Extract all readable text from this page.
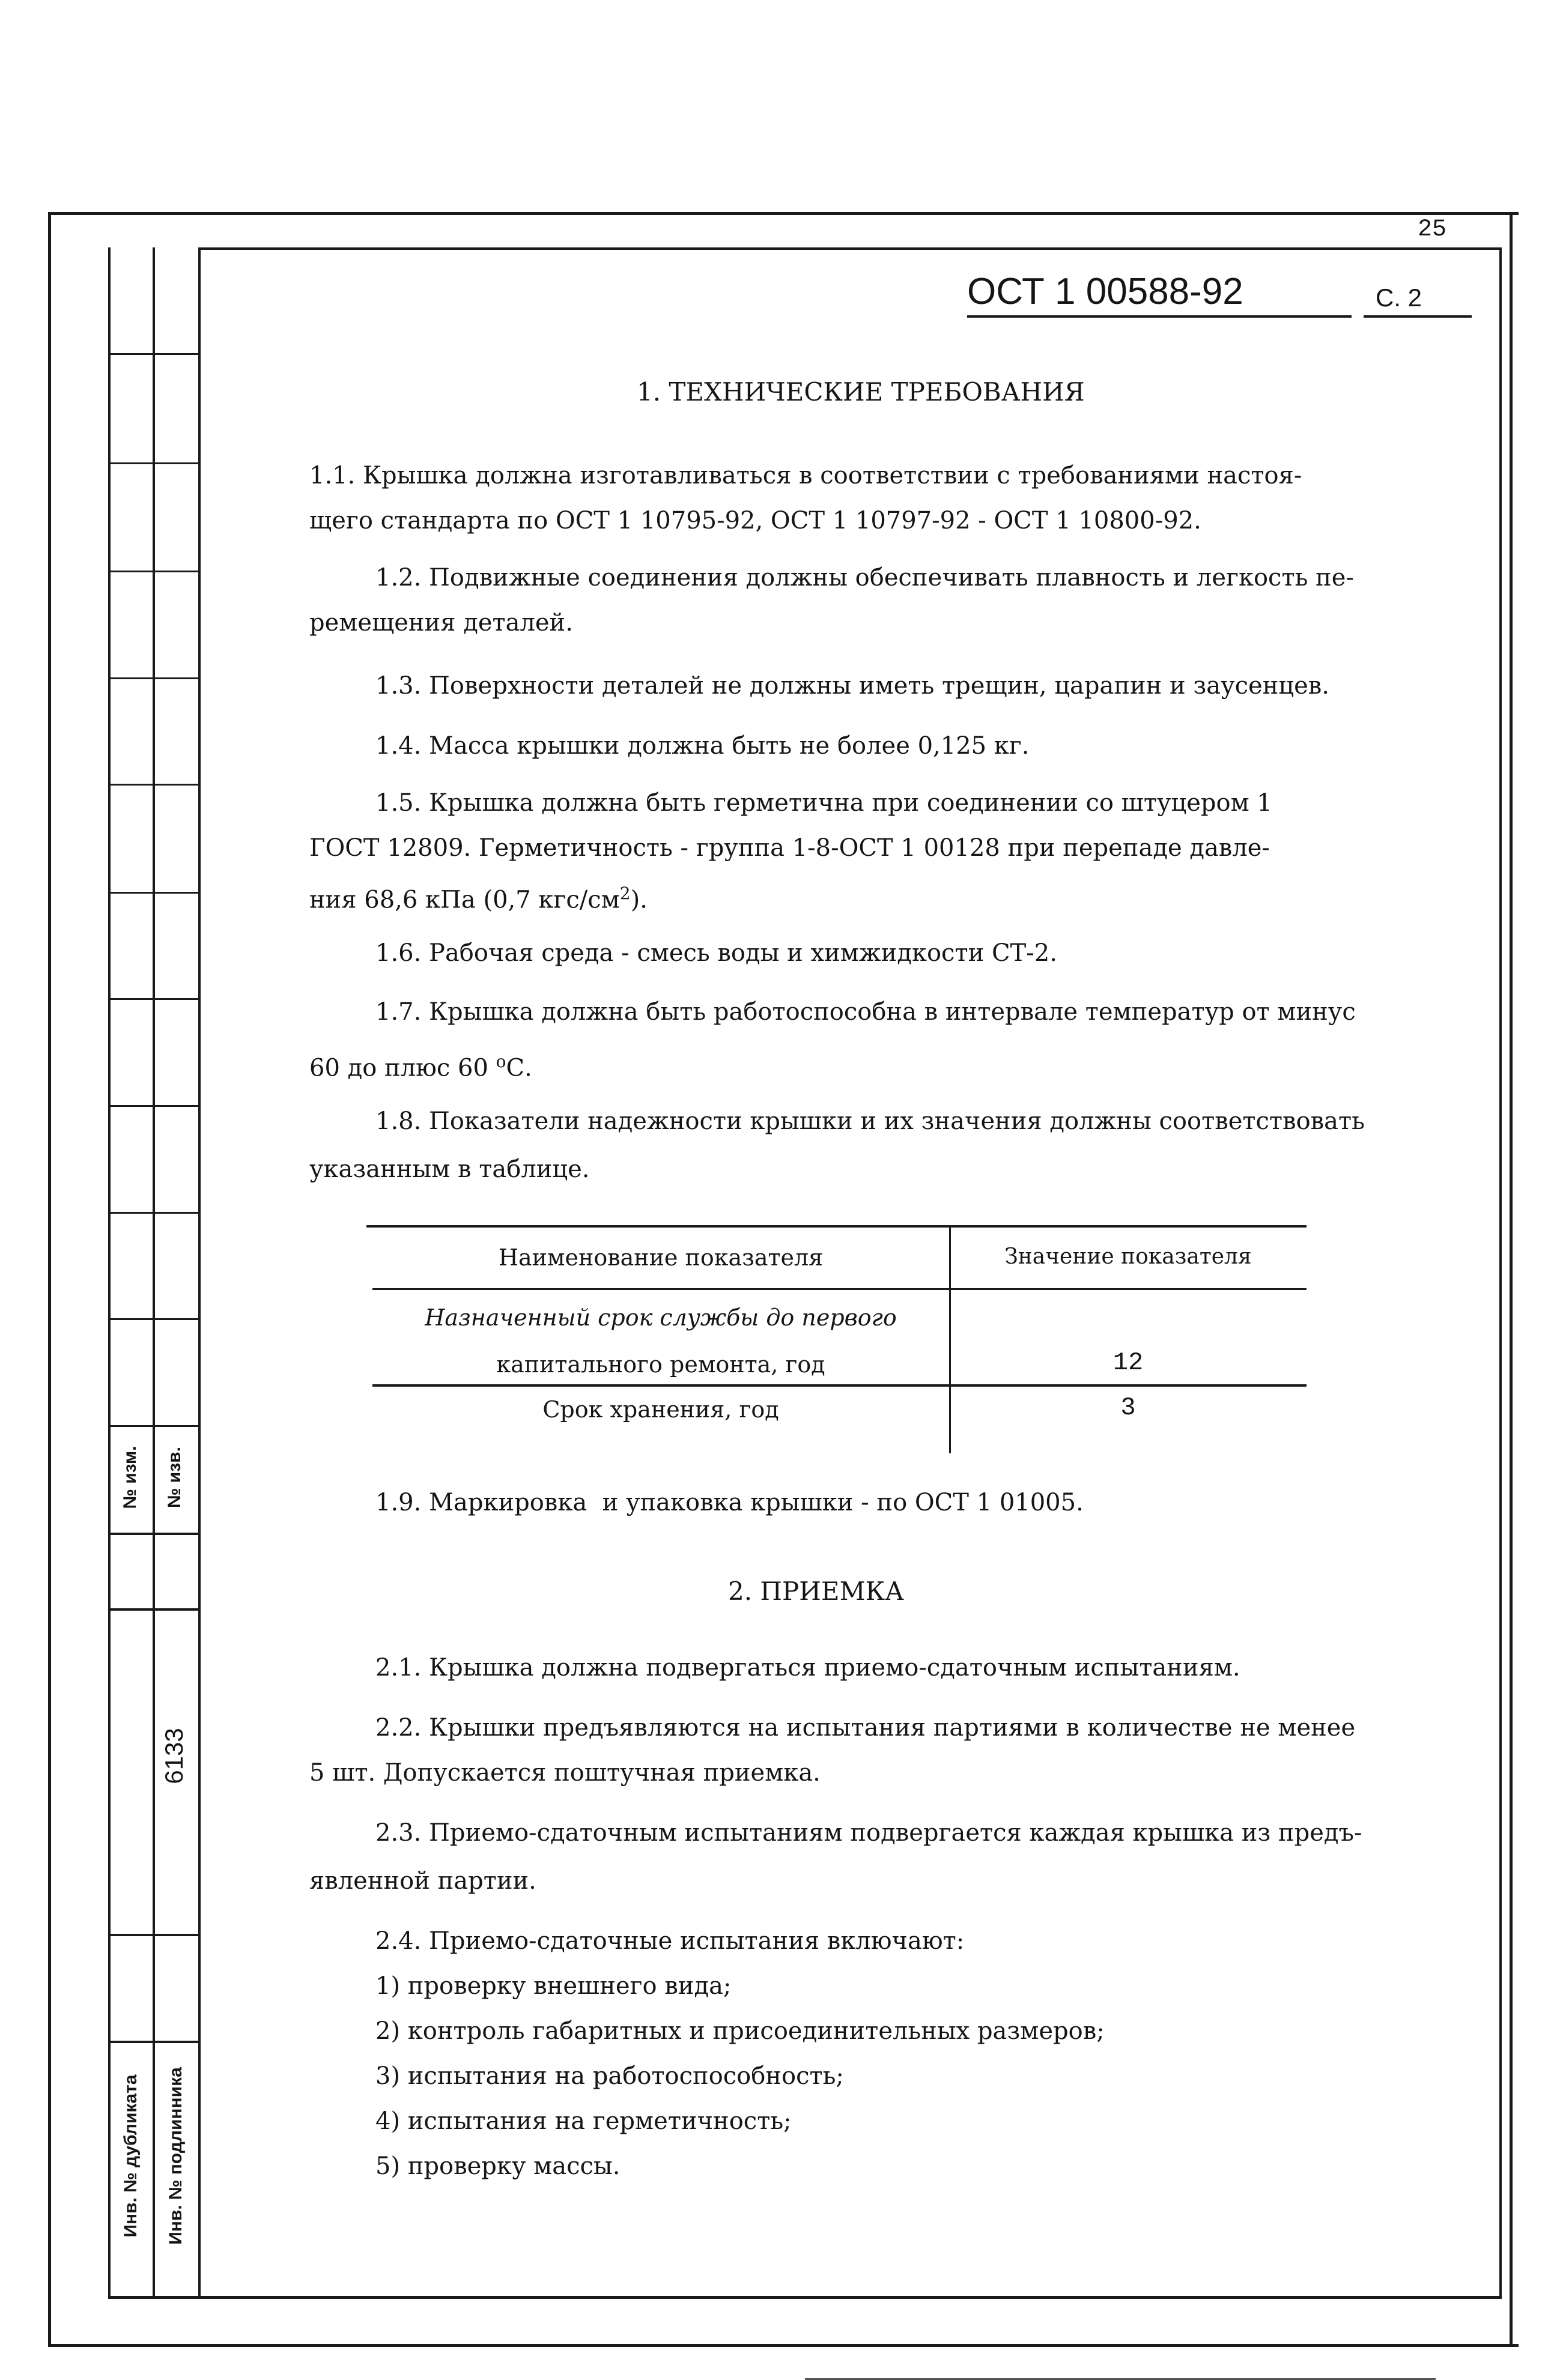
№ изм. № изв.
6133
Инв. № дубликата Инв. № подлинника
25
ОСТ 1 00588-92	С. 2
1. ТЕХНИЧЕСКИЕ ТРЕБОВАНИЯ
1.1. Крышка должна изготавливаться в соответствии с требованиями настоя-
щего стандарта по ОСТ 1 10795-92, ОСТ 1 10797-92 - ОСТ 1 10800-92.
1.2. Подвижные соединения должны обеспечивать плавность и легкость пе-
ремещения деталей.
1.3. Поверхности деталей не должны иметь трещин, царапин и заусенцев.
1.4. Масса крышки должна быть не более 0,125 кг.
1.5. Крышка должна быть герметична при соединении со штуцером 1
ГОСТ 12809. Герметичность - группа 1-8-ОСТ 1 00128 при перепаде давле-
ния 68,6 кПа (0,7 кгс/$см^2$).
1.6. Рабочая среда - смесь воды и химжидкости СТ-2.
1.7. Крышка должна быть работоспособна в интервале температур от минус
60 до плюс 60 $^о$С.
1.8. Показатели надежности крышки и их значения должны соответствовать
указанным в таблице.
Наименование показателя	Значение показателя
Назначенный срок службы до первого
капитального ремонта, год	12
Срок хранения, год	3
1.9. Маркировка  и упаковка крышки - по ОСТ 1 01005.
2. ПРИЕМКА
2.1. Крышка должна подвергаться приемо-сдаточным испытаниям.
2.2. Крышки предъявляются на испытания партиями в количестве не менее
5 шт. Допускается поштучная приемка.
2.3. Приемо-сдаточным испытаниям подвергается каждая крышка из предъ-
явленной партии.
2.4. Приемо-сдаточные испытания включают:
1) проверку внешнего вида;
2) контроль габаритных и присоединительных размеров;
3) испытания на работоспособность;
4) испытания на герметичность;
5) проверку массы.
